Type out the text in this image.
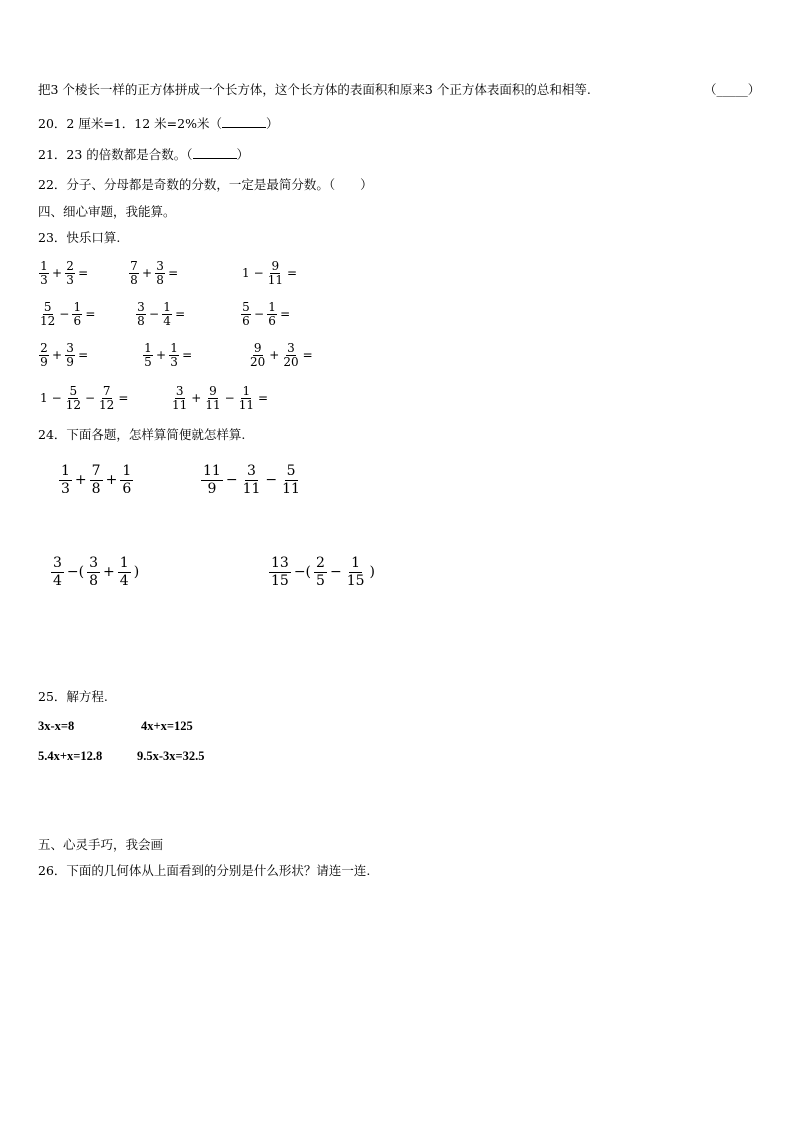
把3 个棱长一样的正方体拼成一个长方体，这个长方体的表面积和原来3 个正方体表面积的总和相等.	（_____）
20．2 厘米=1．12 米=2%米（	）
21．23 的倍数都是合数。（	）
22．分子、分母都是奇数的分数，一定是最简分数。（　　）
四、细心审题，我能算。
23．快乐口算.
$\frac{1}{3} + \frac{2}{3}$ =	$\frac{7}{8} + \frac{3}{8}$ =	$1 - \frac{9}{11}$ =
$\frac{5}{12} - \frac{1}{6}$ =	$\frac{3}{8} - \frac{1}{4}$ =	$\frac{5}{6} - \frac{1}{6}$ =
$\frac{2}{9} + \frac{3}{9}$ =	$\frac{1}{5} + \frac{1}{3}$ =	$\frac{9}{20} + \frac{3}{20}$ =
$1 - \frac{5}{12} - \frac{7}{12}$ =	$\frac{3}{11} + \frac{9}{11} - \frac{1}{11}$ =
24．下面各题，怎样算简便就怎样算.
$\frac{1}{3} + \frac{7}{8} + \frac{1}{6}$	$\frac{11}{9} - \frac{3}{11} - \frac{5}{11}$
$\frac{3}{4}$ −( $\frac{3}{8} + \frac{1}{4}$ )	$\frac{13}{15}$ −( $\frac{2}{5} - \frac{1}{15}$ )
25．解方程.
3x-x=8	4x+x=125
5.4x+x=12.8	9.5x-3x=32.5
五、心灵手巧，我会画
26．下面的几何体从上面看到的分别是什么形状？请连一连.
